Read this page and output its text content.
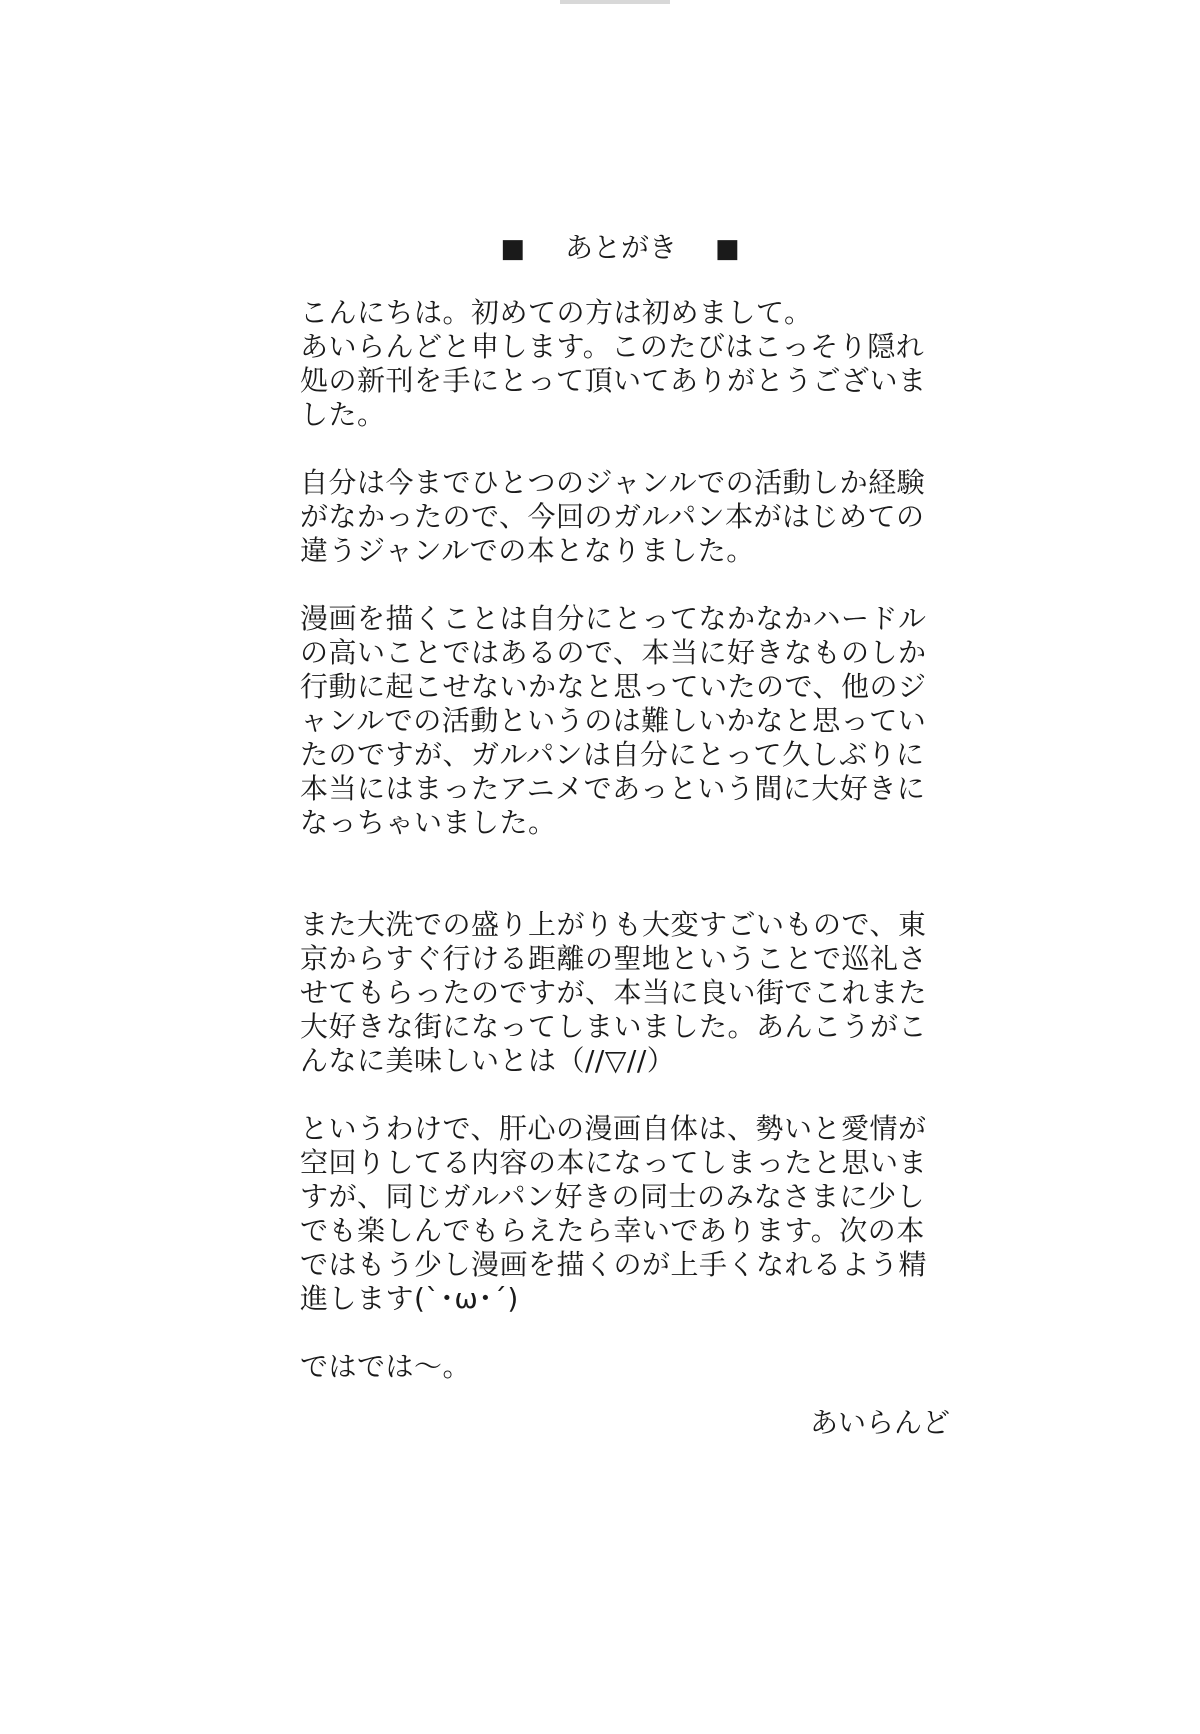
■ あとがき ■
こんにちは。初めての方は初めまして。
あいらんどと申します。このたびはこっそり隠れ
処の新刊を手にとって頂いてありがとうございま
した。
自分は今までひとつのジャンルでの活動しか経験
がなかったので、今回のガルパン本がはじめての
違うジャンルでの本となりました。
漫画を描くことは自分にとってなかなかハードル
の高いことではあるので、本当に好きなものしか
行動に起こせないかなと思っていたので、他のジ
ャンルでの活動というのは難しいかなと思ってい
たのですが、ガルパンは自分にとって久しぶりに
本当にはまったアニメであっという間に大好きに
なっちゃいました。
また大洗での盛り上がりも大変すごいもので、東
京からすぐ行ける距離の聖地ということで巡礼さ
せてもらったのですが、本当に良い街でこれまた
大好きな街になってしまいました。あんこうがこ
んなに美味しいとは（//▽//）
というわけで、肝心の漫画自体は、勢いと愛情が
空回りしてる内容の本になってしまったと思いま
すが、同じガルパン好きの同士のみなさまに少し
でも楽しんでもらえたら幸いであります。次の本
ではもう少し漫画を描くのが上手くなれるよう精
進します(`･ω･´)
ではでは～。
あいらんど
